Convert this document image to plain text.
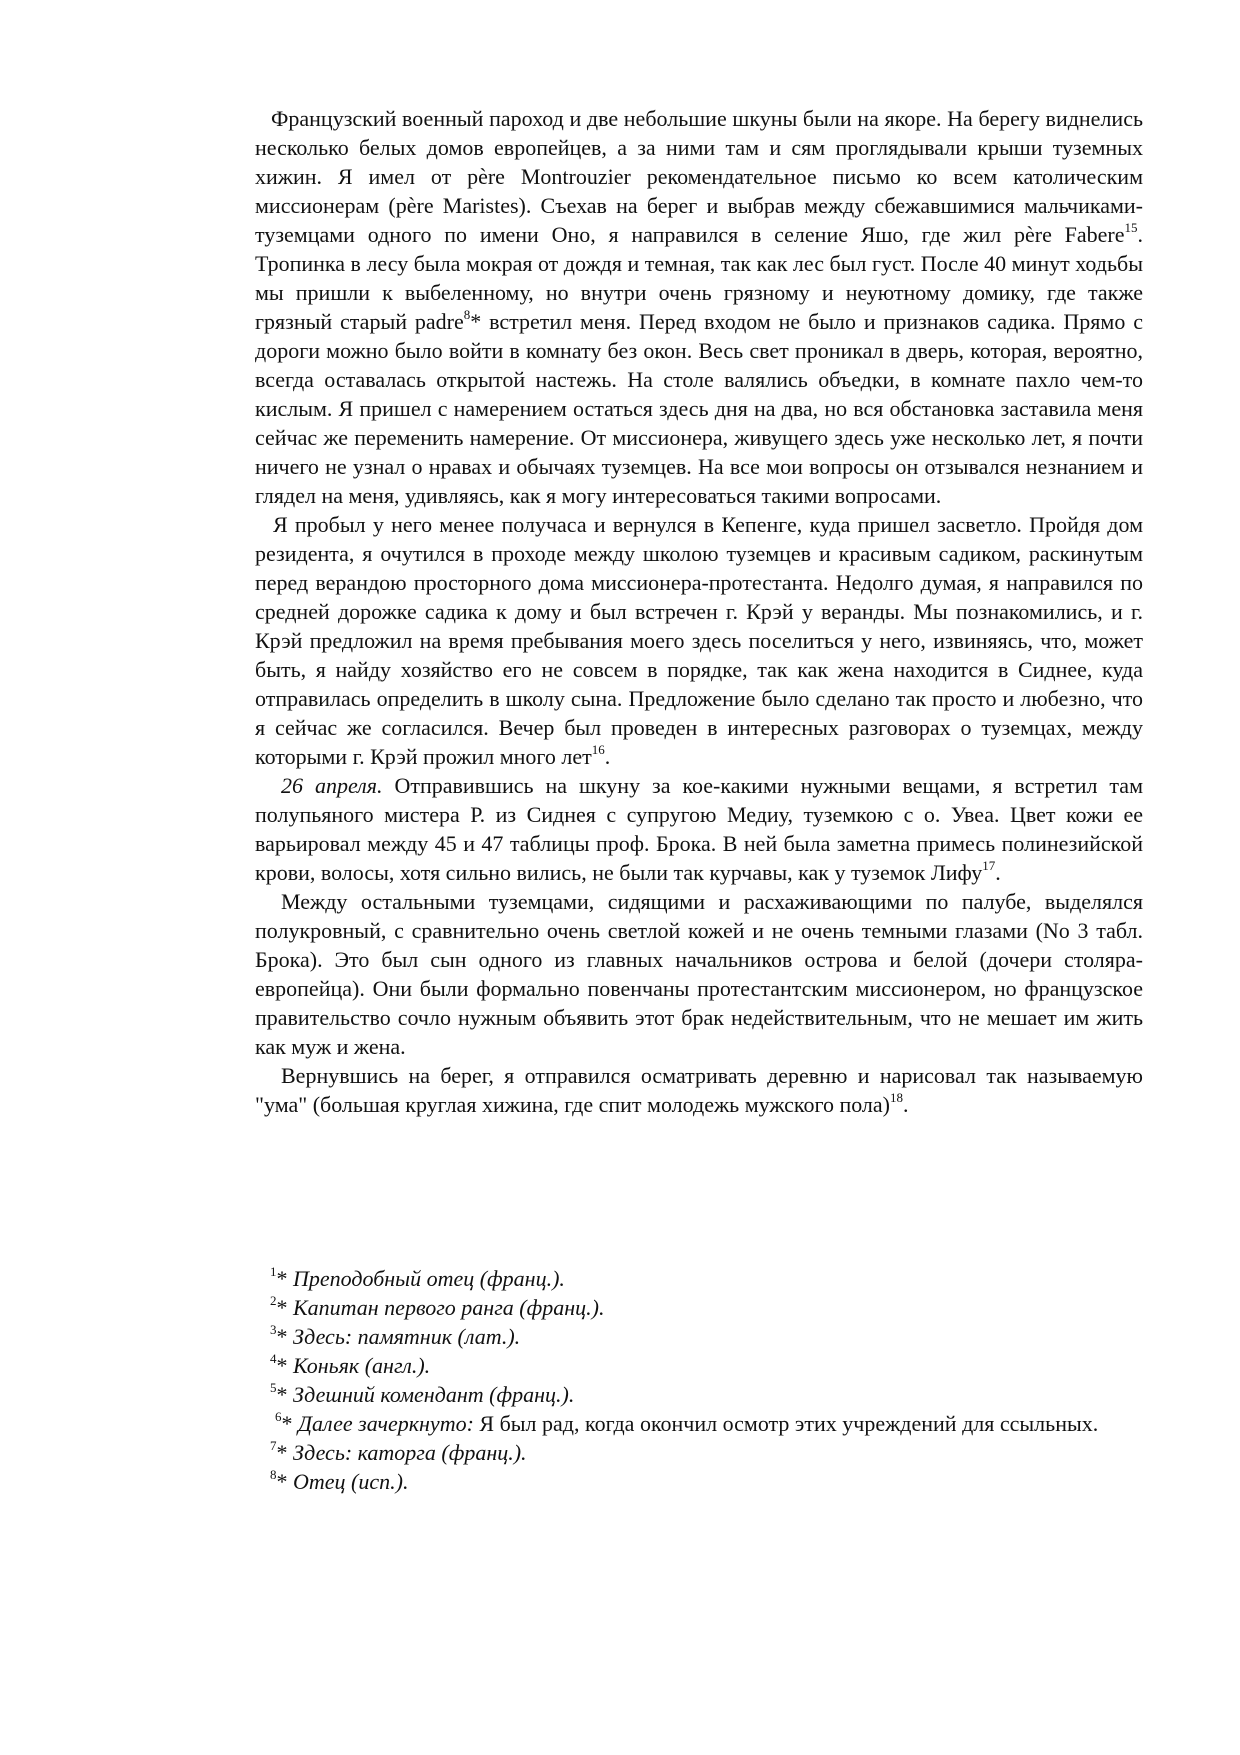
Французский военный пароход и две небольшие шкуны были на якоре. На берегу виднелись несколько белых домов европейцев, а за ними там и сям проглядывали крыши туземных хижин. Я имел от père Montrouzier рекомендательное письмо ко всем католическим миссионерам (père Maristes). Съехав на берег и выбрав между сбежавшимися мальчиками-туземцами одного по имени Оно, я направился в селение Яшо, где жил père Fabere$^{15}$. Тропинка в лесу была мокрая от дождя и темная, так как лес был густ. После 40 минут ходьбы мы пришли к выбеленному, но внутри очень грязному и неуютному домику, где также грязный старый padre$^8$* встретил меня. Перед входом не было и признаков садика. Прямо с дороги можно было войти в комнату без окон. Весь свет проникал в дверь, которая, вероятно, всегда оставалась открытой настежь. На столе валялись объедки, в комнате пахло чем-то кислым. Я пришел с намерением остаться здесь дня на два, но вся обстановка заставила меня сейчас же переменить намерение. От миссионера, живущего здесь уже несколько лет, я почти ничего не узнал о нравах и обычаях туземцев. На все мои вопросы он отзывался незнанием и глядел на меня, удивляясь, как я могу интересоваться такими вопросами.

Я пробыл у него менее получаса и вернулся в Кепенге, куда пришел засветло. Пройдя дом резидента, я очутился в проходе между школою туземцев и красивым садиком, раскинутым перед верандою просторного дома миссионера-протестанта. Недолго думая, я направился по средней дорожке садика к дому и был встречен г. Крэй у веранды. Мы познакомились, и г. Крэй предложил на время пребывания моего здесь поселиться у него, извиняясь, что, может быть, я найду хозяйство его не совсем в порядке, так как жена находится в Сиднее, куда отправилась определить в школу сына. Предложение было сделано так просто и любезно, что я сейчас же согласился. Вечер был проведен в интересных разговорах о туземцах, между которыми г. Крэй прожил много лет$^{16}$.

26 апреля. Отправившись на шкуну за кое-какими нужными вещами, я встретил там полупьяного мистера Р. из Сиднея с супругою Медиу, туземкою с о. Увеа. Цвет кожи ее варьировал между 45 и 47 таблицы проф. Брока. В ней была заметна примесь полинезийской крови, волосы, хотя сильно вились, не были так курчавы, как у туземок Лифу$^{17}$.

Между остальными туземцами, сидящими и расхаживающими по палубе, выделялся полукровный, с сравнительно очень светлой кожей и не очень темными глазами (No 3 табл. Брока). Это был сын одного из главных начальников острова и белой (дочери столяра-европейца). Они были формально повенчаны протестантским миссионером, но французское правительство сочло нужным объявить этот брак недействительным, что не мешает им жить как муж и жена.

Вернувшись на берег, я отправился осматривать деревню и нарисовал так называемую "ума" (большая круглая хижина, где спит молодежь мужского пола)$^{18}$.

$^1$* Преподобный отец (франц.).

$^2$* Капитан первого ранга (франц.).

$^3$* Здесь: памятник (лат.).

$^4$* Коньяк (англ.).

$^5$* Здешний комендант (франц.).

$^6$* Далее зачеркнуто: Я был рад, когда окончил осмотр этих учреждений для ссыльных.

$^7$* Здесь: каторга (франц.).

$^8$* Отец (исп.).
